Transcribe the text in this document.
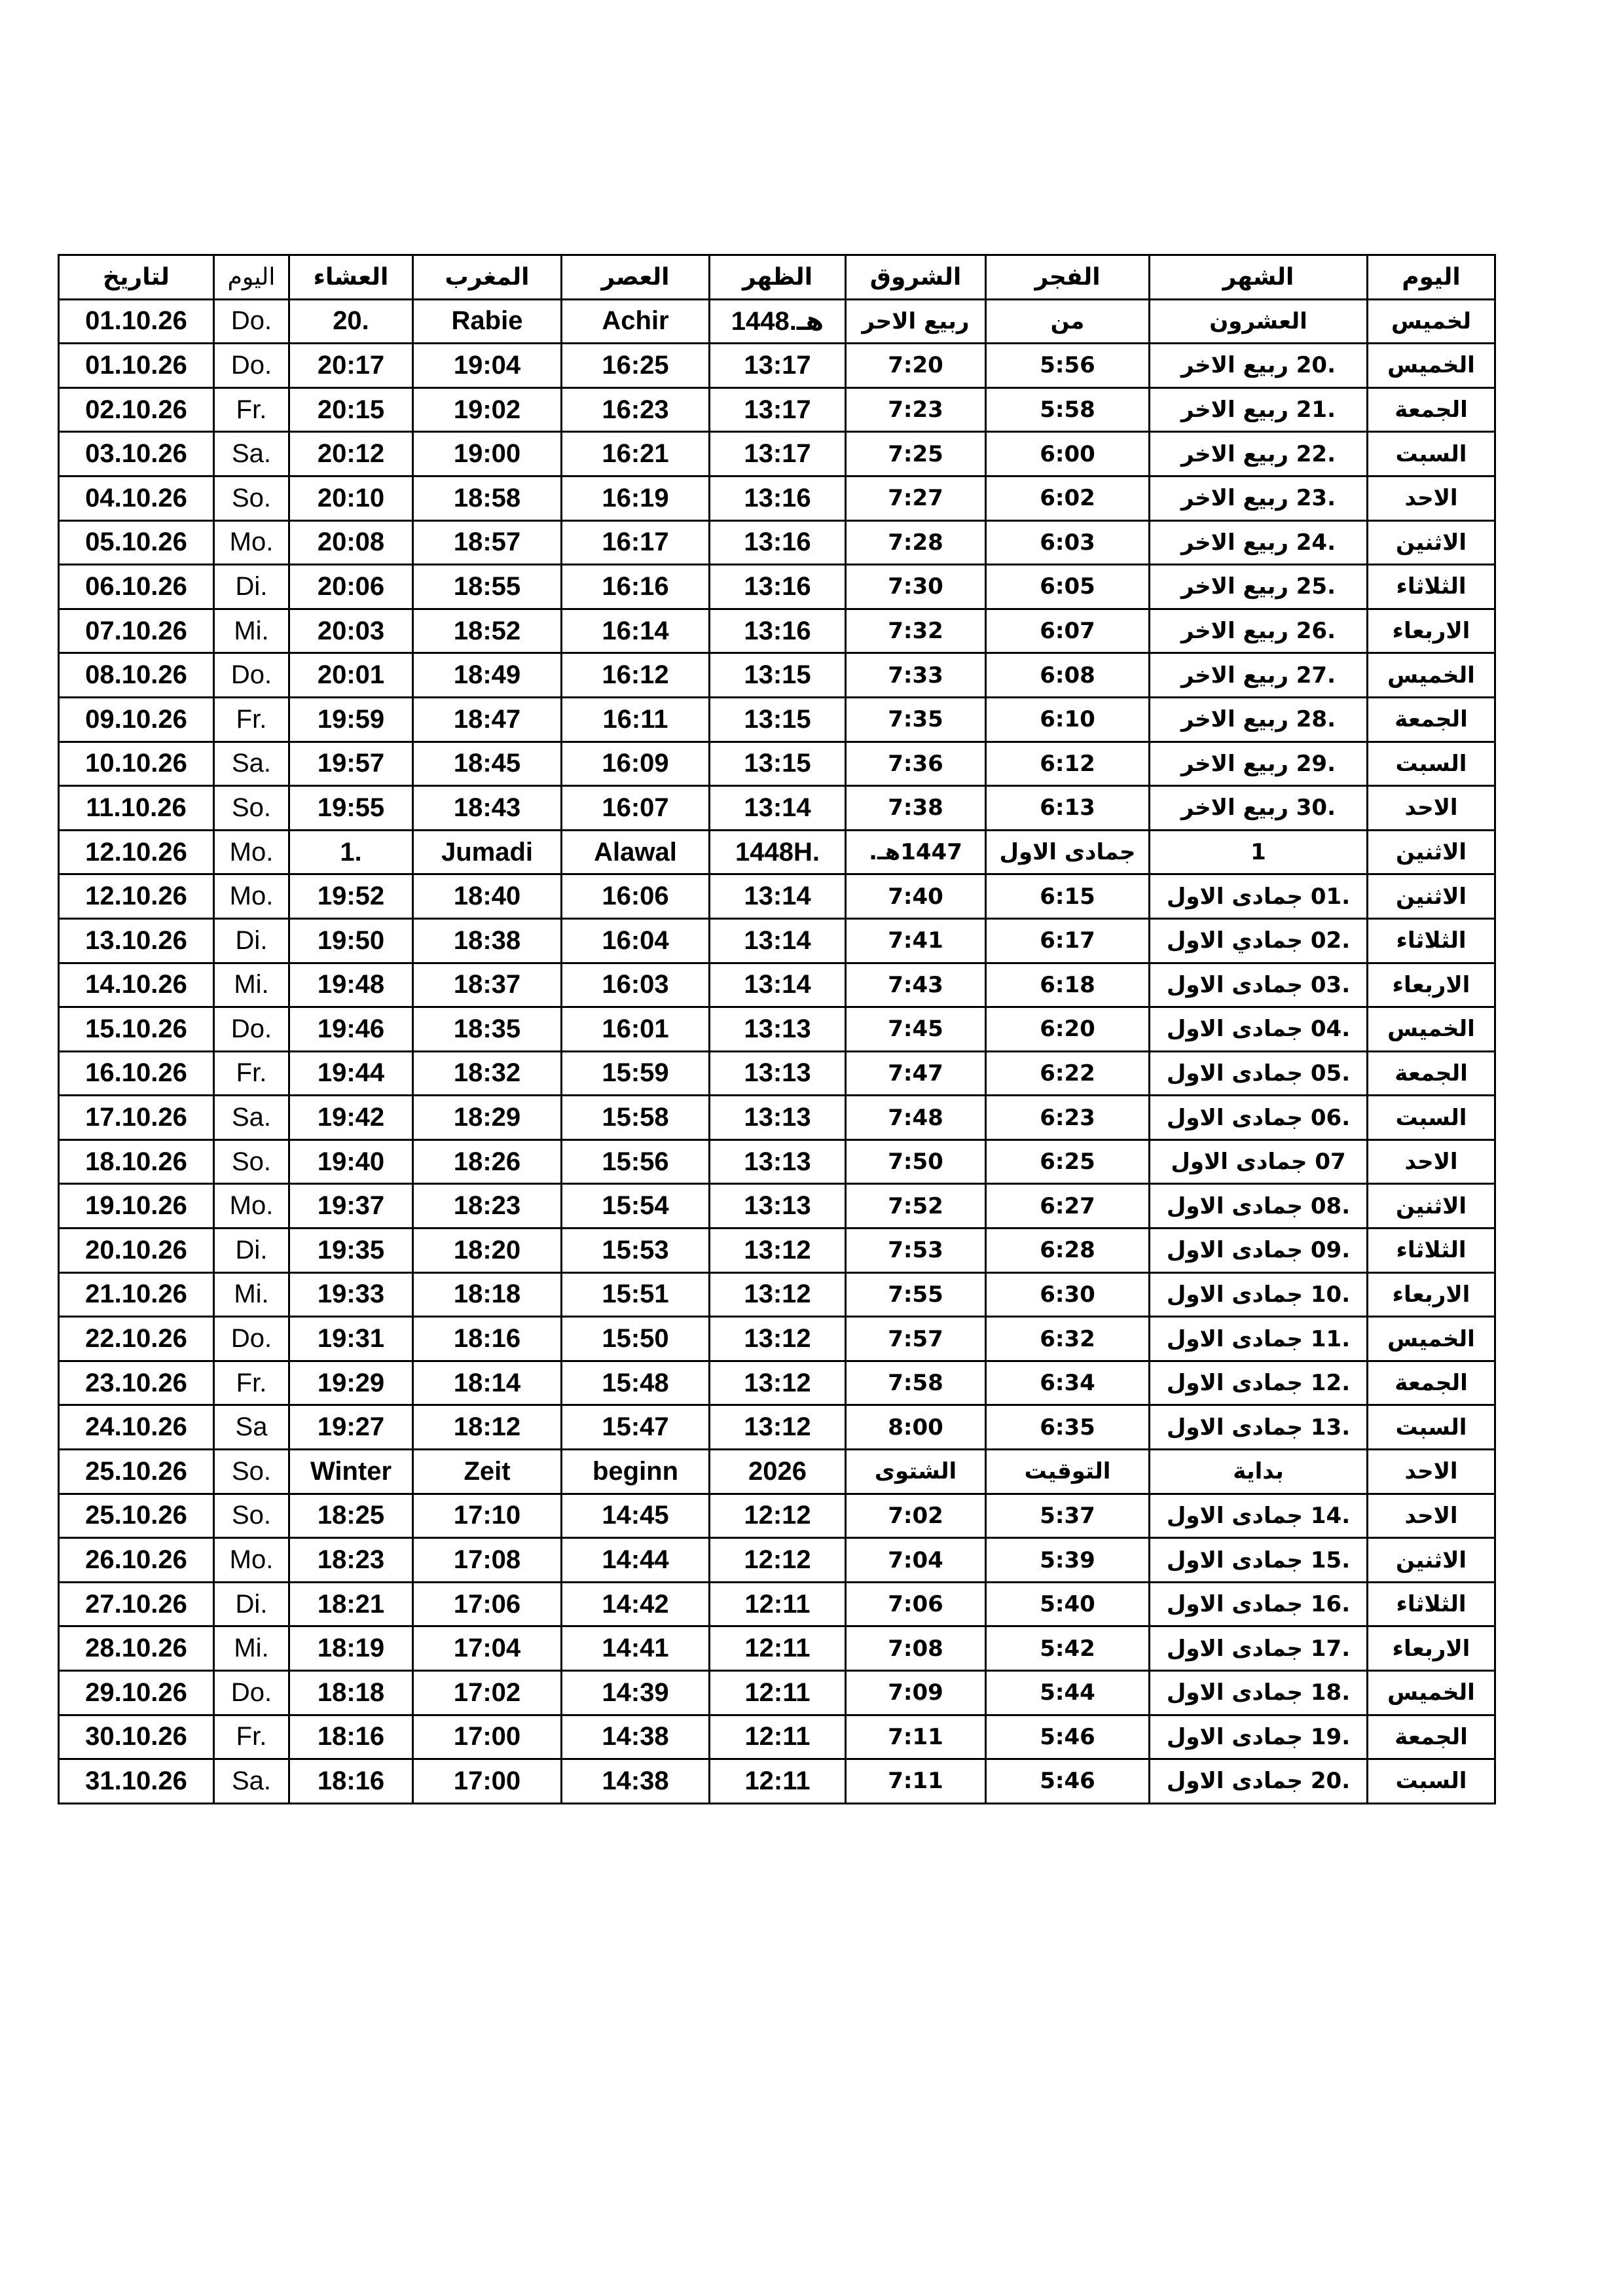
لتاريخ	اليوم	العشاء	المغرب	العصر	الظهر	الشروق	الفجر	الشهر	اليوم
01.10.26	Do.	20.	Rabie	Achir	1448.هـ	ربيع الاحر	من	العشرون	لخميس
01.10.26	Do.	20:17	19:04	16:25	13:17	7:20	5:56	.20 ربيع الاخر	الخميس
02.10.26	Fr.	20:15	19:02	16:23	13:17	7:23	5:58	.21 ربيع الاخر	الجمعة
03.10.26	Sa.	20:12	19:00	16:21	13:17	7:25	6:00	.22 ربيع الاخر	السبت
04.10.26	So.	20:10	18:58	16:19	13:16	7:27	6:02	.23 ربيع الاخر	الاحد
05.10.26	Mo.	20:08	18:57	16:17	13:16	7:28	6:03	.24 ربيع الاخر	الاثنين
06.10.26	Di.	20:06	18:55	16:16	13:16	7:30	6:05	.25 ربيع الاخر	الثلاثاء
07.10.26	Mi.	20:03	18:52	16:14	13:16	7:32	6:07	.26 ربيع الاخر	الاربعاء
08.10.26	Do.	20:01	18:49	16:12	13:15	7:33	6:08	.27 ربيع الاخر	الخميس
09.10.26	Fr.	19:59	18:47	16:11	13:15	7:35	6:10	.28 ربيع الاخر	الجمعة
10.10.26	Sa.	19:57	18:45	16:09	13:15	7:36	6:12	.29 ربيع الاخر	السبت
11.10.26	So.	19:55	18:43	16:07	13:14	7:38	6:13	.30 ربيع الاخر	الاحد
12.10.26	Mo.	1.	Jumadi	Alawal	1448H.	1447هـ.	جمادى الاول	1	الاثنين
12.10.26	Mo.	19:52	18:40	16:06	13:14	7:40	6:15	.01 جمادى الاول	الاثنين
13.10.26	Di.	19:50	18:38	16:04	13:14	7:41	6:17	.02 جمادي الاول	الثلاثاء
14.10.26	Mi.	19:48	18:37	16:03	13:14	7:43	6:18	.03 جمادى الاول	الاربعاء
15.10.26	Do.	19:46	18:35	16:01	13:13	7:45	6:20	.04 جمادى الاول	الخميس
16.10.26	Fr.	19:44	18:32	15:59	13:13	7:47	6:22	.05 جمادى الاول	الجمعة
17.10.26	Sa.	19:42	18:29	15:58	13:13	7:48	6:23	.06 جمادى الاول	السبت
18.10.26	So.	19:40	18:26	15:56	13:13	7:50	6:25	07 جمادى الاول	الاحد
19.10.26	Mo.	19:37	18:23	15:54	13:13	7:52	6:27	.08 جمادى الاول	الاثنين
20.10.26	Di.	19:35	18:20	15:53	13:12	7:53	6:28	.09 جمادى الاول	الثلاثاء
21.10.26	Mi.	19:33	18:18	15:51	13:12	7:55	6:30	.10 جمادى الاول	الاربعاء
22.10.26	Do.	19:31	18:16	15:50	13:12	7:57	6:32	.11 جمادى الاول	الخميس
23.10.26	Fr.	19:29	18:14	15:48	13:12	7:58	6:34	.12 جمادى الاول	الجمعة
24.10.26	Sa	19:27	18:12	15:47	13:12	8:00	6:35	.13 جمادى الاول	السبت
25.10.26	So.	Winter	Zeit	beginn	2026	الشتوى	التوقيت	بداية	الاحد
25.10.26	So.	18:25	17:10	14:45	12:12	7:02	5:37	.14 جمادى الاول	الاحد
26.10.26	Mo.	18:23	17:08	14:44	12:12	7:04	5:39	.15 جمادى الاول	الاثنين
27.10.26	Di.	18:21	17:06	14:42	12:11	7:06	5:40	.16 جمادى الاول	الثلاثاء
28.10.26	Mi.	18:19	17:04	14:41	12:11	7:08	5:42	.17 جمادى الاول	الاربعاء
29.10.26	Do.	18:18	17:02	14:39	12:11	7:09	5:44	.18 جمادى الاول	الخميس
30.10.26	Fr.	18:16	17:00	14:38	12:11	7:11	5:46	.19 جمادى الاول	الجمعة
31.10.26	Sa.	18:16	17:00	14:38	12:11	7:11	5:46	.20 جمادى الاول	السبت
